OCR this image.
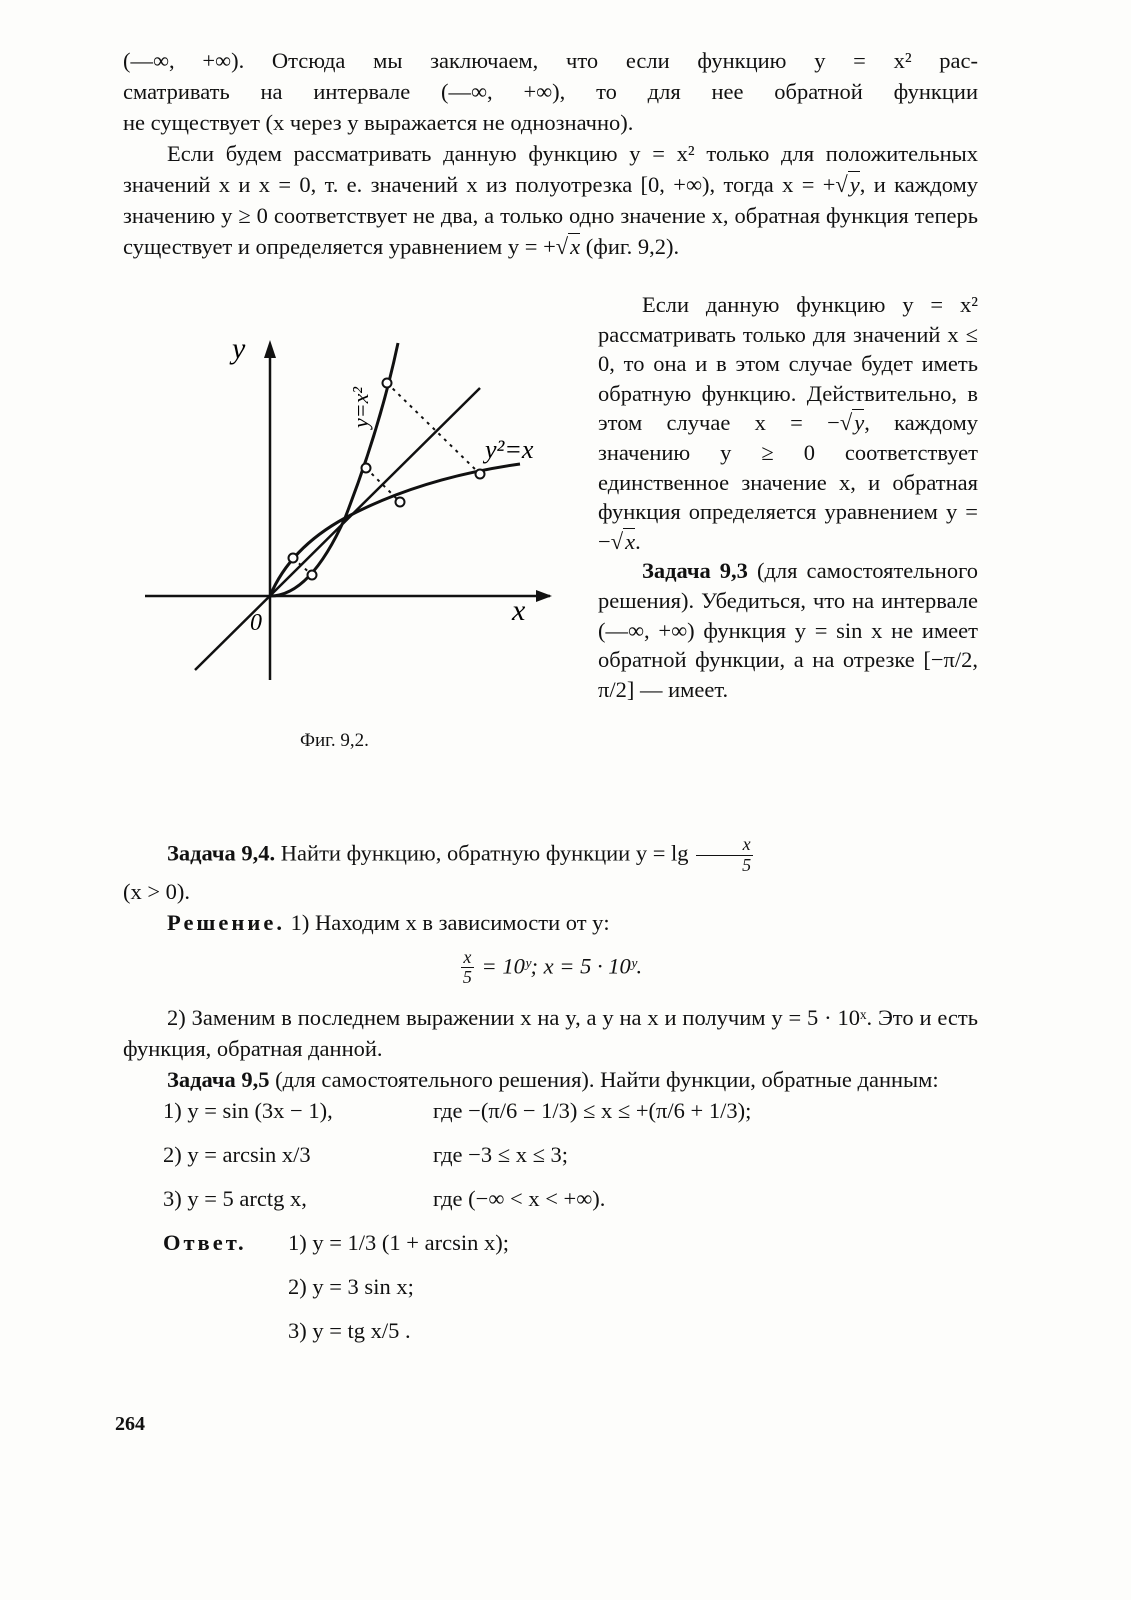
(—∞, +∞). Отсюда мы заключаем, что если функцию y = x² рас-

сматривать на интервале (—∞, +∞), то для нее обратной функции

не существует (x через y выражается не однозначно).

Если будем рассматривать данную функцию y = x² только для положительных значений x и x = 0, т. е. значений x из полуотрезка [0, +∞), тогда x = +√y, и каждому значению y ≥ 0 соответствует не два, а только одно значение x, обратная функция теперь существует и определяется уравнением y = +√x (фиг. 9,2).

y
x
0
y²=x
y=x²
Фиг. 9,2.

Если данную функцию y = x² рассматривать только для значений x ≤ 0, то она и в этом случае будет иметь обратную функцию. Действительно, в этом случае x = −√y, каждому значению y ≥ 0 соответствует единственное значение x, и обратная функция определяется уравнением y = −√x.

Задача 9,3 (для самостоятельного решения). Убедиться, что на интервале (—∞, +∞) функция y = sin x не имеет обратной функции, а на отрезке [−π/2, π/2] — имеет.

Задача 9,4. Найти функцию, обратную функции $y = \lg \frac{x}{5}$

(x > 0).

Решение. 1) Находим x в зависимости от y:

$\frac{x}{5}$ = 10ʸ; x = 5 · 10ʸ.

2) Заменим в последнем выражении x на y, а y на x и получим y = 5 · 10ˣ. Это и есть функция, обратная данной.

Задача 9,5 (для самостоятельного решения). Найти функции, обратные данным:

1) y = sin (3x − 1),	где −(π/6 − 1/3) ≤ x ≤ +(π/6 + 1/3);
2) y = arcsin x/3	где −3 ≤ x ≤ 3;
3) y = 5 arctg x,	где (−∞ < x < +∞).
Ответ. 1) y = 1/3 (1 + arcsin x);
2) y = 3 sin x;
3) y = tg x/5 .
264
